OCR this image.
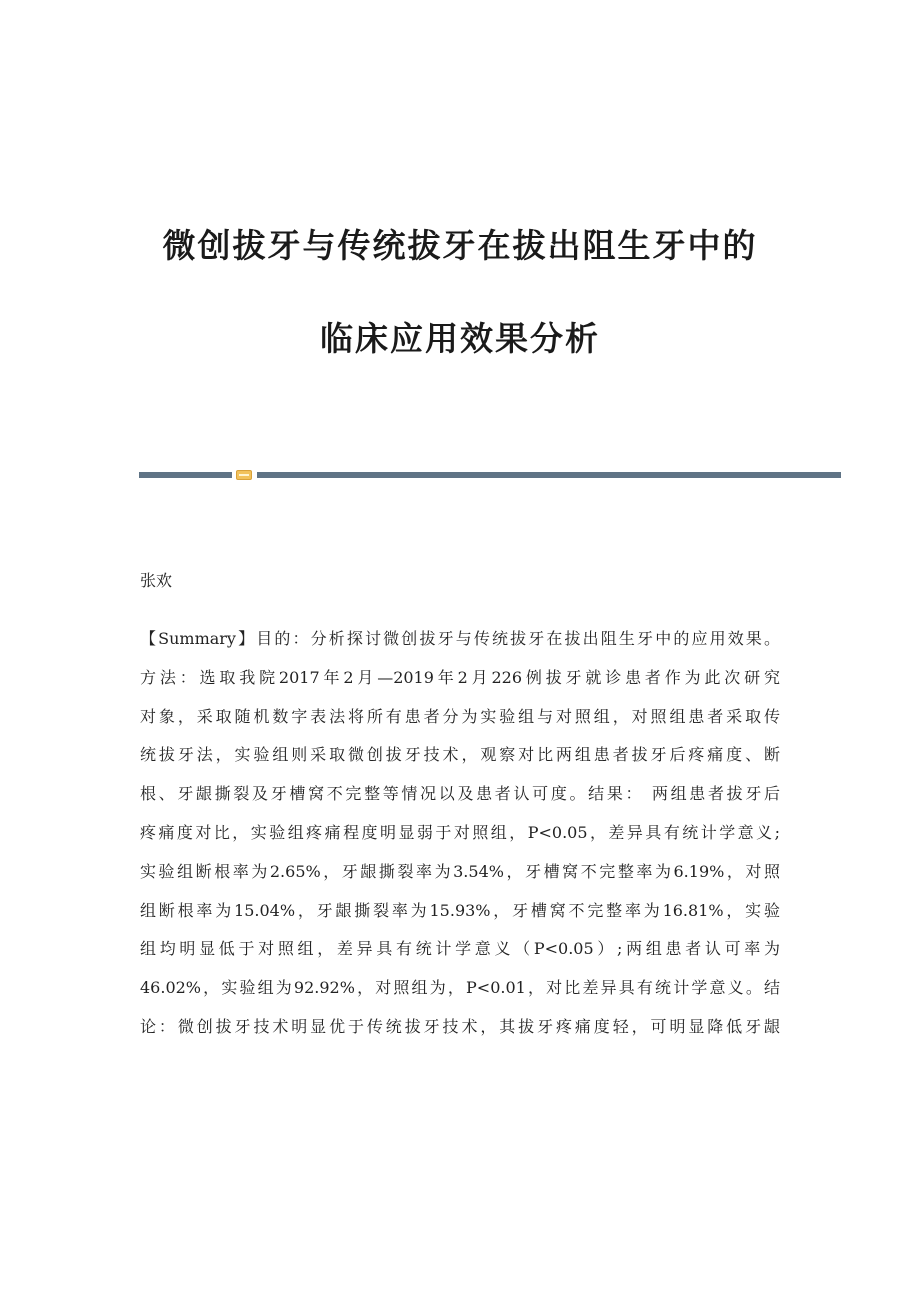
微创拔牙与传统拔牙在拔出阻生牙中的
临床应用效果分析
张欢
【Summary】目的：分析探讨微创拔牙与传统拔牙在拔出阻生牙中的应用效果。
方法：选取我院2017年2月—2019年2月226例拔牙就诊患者作为此次研究
对象，采取随机数字表法将所有患者分为实验组与对照组，对照组患者采取传
统拔牙法，实验组则采取微创拔牙技术，观察对比两组患者拔牙后疼痛度、断
根、牙龈撕裂及牙槽窝不完整等情况以及患者认可度。结果： 两组患者拔牙后
疼痛度对比，实验组疼痛程度明显弱于对照组，P<0.05，差异具有统计学意义;
实验组断根率为2.65%，牙龈撕裂率为3.54%，牙槽窝不完整率为6.19%，对照
组断根率为15.04%，牙龈撕裂率为15.93%，牙槽窝不完整率为16.81%，实验
组均明显低于对照组，差异具有统计学意义（P<0.05）;两组患者认可率为
46.02%，实验组为92.92%，对照组为，P<0.01，对比差异具有统计学意义。结
论：微创拔牙技术明显优于传统拔牙技术，其拔牙疼痛度轻，可明显降低牙龈
